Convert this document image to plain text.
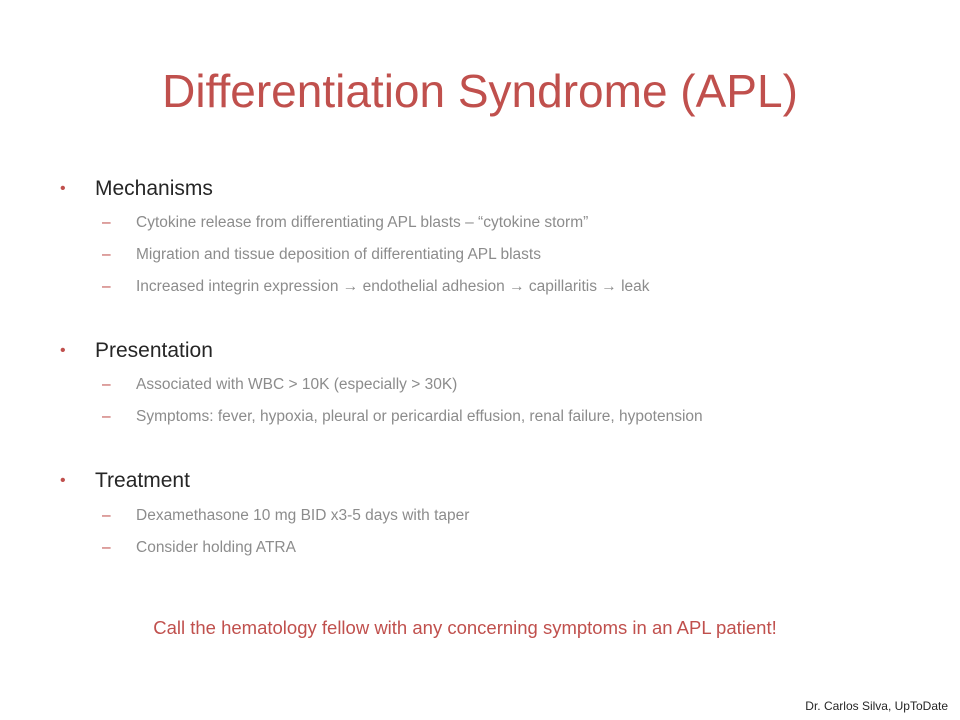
Differentiation Syndrome (APL)
• Mechanisms
– Cytokine release from differentiating APL blasts – “cytokine storm”
– Migration and tissue deposition of differentiating APL blasts
– Increased integrin expression → endothelial adhesion → capillaritis → leak
• Presentation
– Associated with WBC > 10K (especially > 30K)
– Symptoms: fever, hypoxia, pleural or pericardial effusion, renal failure, hypotension
• Treatment
– Dexamethasone 10 mg BID x3-5 days with taper
– Consider holding ATRA
Call the hematology fellow with any concerning symptoms in an APL patient!
Dr. Carlos Silva, UpToDate
